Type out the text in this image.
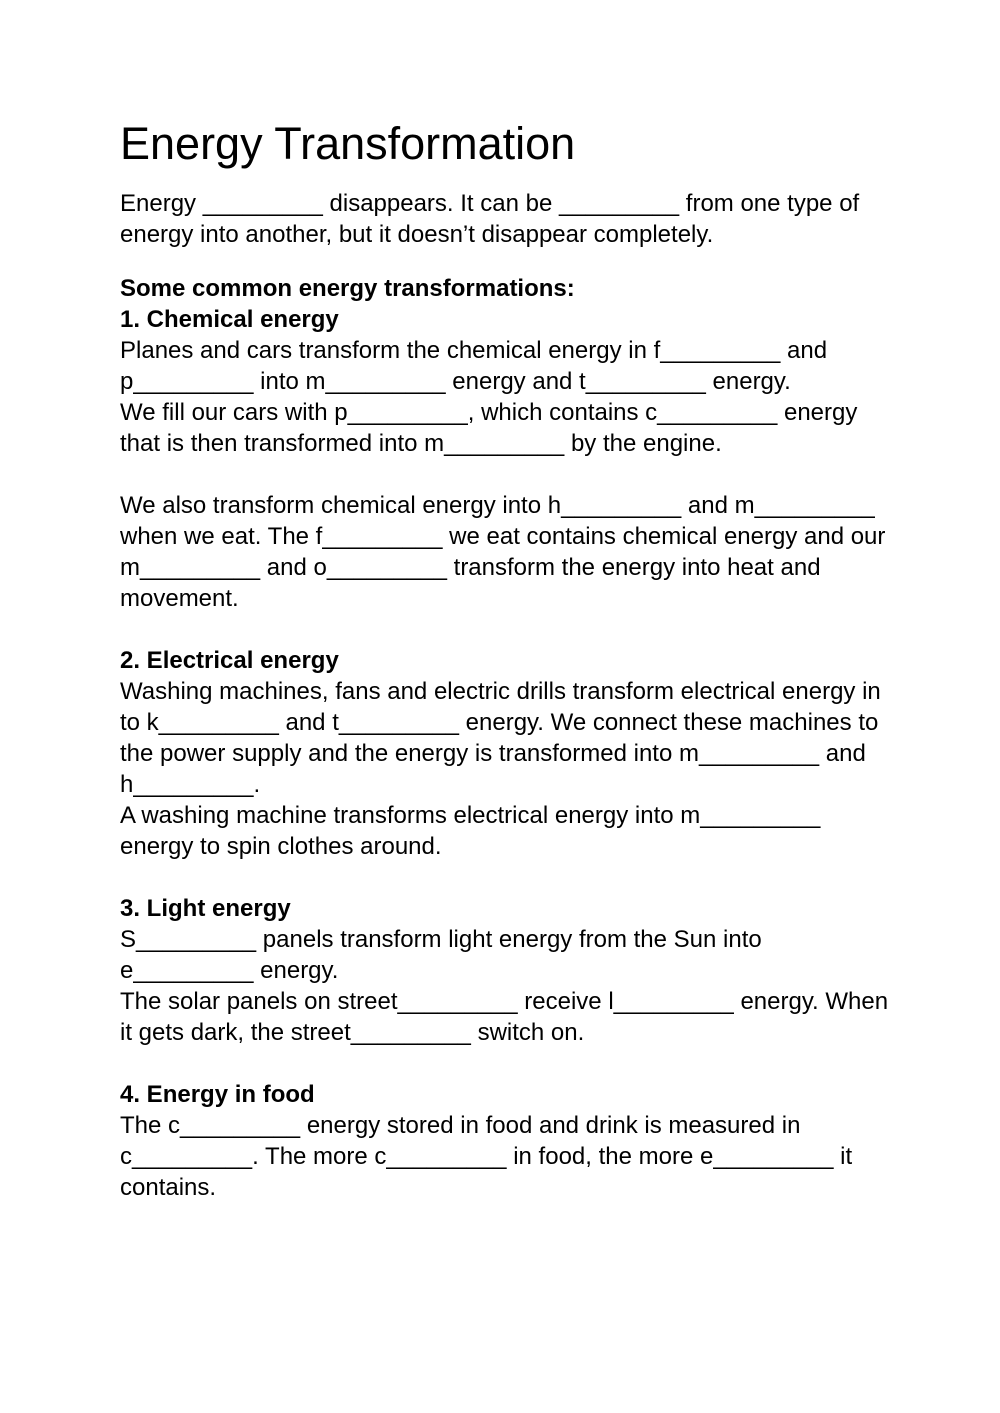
Energy Transformation
Energy _________ disappears. It can be _________ from one type of
energy into another, but it doesn’t disappear completely.
Some common energy transformations:
1. Chemical energy
Planes and cars transform the chemical energy in f_________ and
p_________ into m_________ energy and t_________ energy.
We fill our cars with p_________, which contains c_________ energy
that is then transformed into m_________ by the engine.
We also transform chemical energy into h_________ and m_________
when we eat. The f_________ we eat contains chemical energy and our
m_________ and o_________ transform the energy into heat and
movement.
2. Electrical energy
Washing machines, fans and electric drills transform electrical energy in
to k_________ and t_________ energy. We connect these machines to
the power supply and the energy is transformed into m_________ and
h_________.
A washing machine transforms electrical energy into m_________
energy to spin clothes around.
3. Light energy
S_________ panels transform light energy from the Sun into
e_________ energy.
The solar panels on street_________ receive l_________ energy. When
it gets dark, the street_________ switch on.
4. Energy in food
The c_________ energy stored in food and drink is measured in
c_________. The more c_________ in food, the more e_________ it
contains.
